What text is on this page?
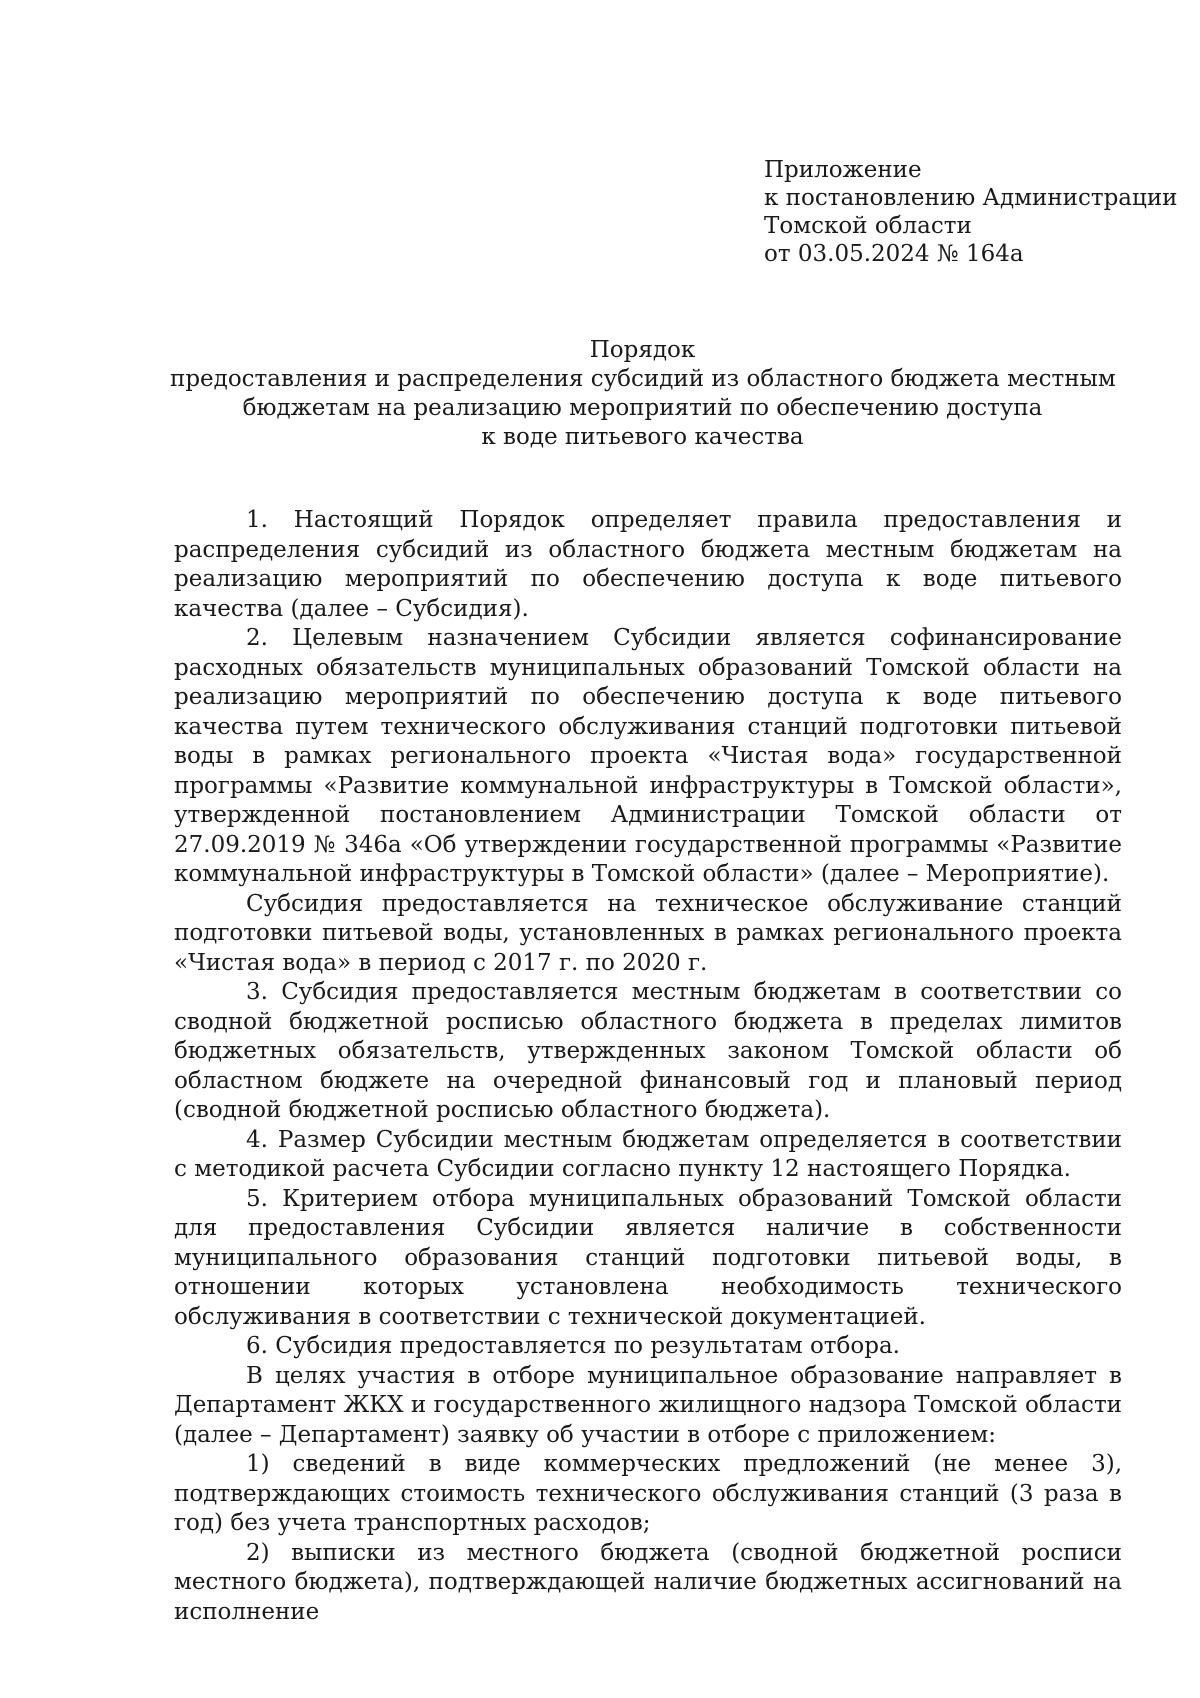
Приложение
к постановлению Администрации
Томской области
от 03.05.2024 № 164а
Порядок
предоставления и распределения субсидий из областного бюджета местным
бюджетам на реализацию мероприятий по обеспечению доступа
к воде питьевого качества

1. Настоящий Порядок определяет правила предоставления и распределения субсидий из областного бюджета местным бюджетам на реализацию мероприятий по обеспечению доступа к воде питьевого качества (далее – Субсидия).

2. Целевым назначением Субсидии является софинансирование расходных обязательств муниципальных образований Томской области на реализацию мероприятий по обеспечению доступа к воде питьевого качества путем технического обслуживания станций подготовки питьевой воды в рамках регионального проекта «Чистая вода» государственной программы «Развитие коммунальной инфраструктуры в Томской области», утвержденной постановлением Администрации Томской области от 27.09.2019 № 346а «Об утверждении государственной программы «Развитие коммунальной инфраструктуры в Томской области» (далее – Мероприятие).

Субсидия предоставляется на техническое обслуживание станций подготовки питьевой воды, установленных в рамках регионального проекта «Чистая вода» в период с 2017 г. по 2020 г.

3. Субсидия предоставляется местным бюджетам в соответствии со сводной бюджетной росписью областного бюджета в пределах лимитов бюджетных обязательств, утвержденных законом Томской области об областном бюджете на очередной финансовый год и плановый период (сводной бюджетной росписью областного бюджета).

4. Размер Субсидии местным бюджетам определяется в соответствии с методикой расчета Субсидии согласно пункту 12 настоящего Порядка.

5. Критерием отбора муниципальных образований Томской области для предоставления Субсидии является наличие в собственности муниципального образования станций подготовки питьевой воды, в отношении которых установлена необходимость технического обслуживания в соответствии с технической документацией.

6. Субсидия предоставляется по результатам отбора.

В целях участия в отборе муниципальное образование направляет в Департамент ЖКХ и государственного жилищного надзора Томской области (далее – Департамент) заявку об участии в отборе с приложением:

1) сведений в виде коммерческих предложений (не менее 3), подтверждающих стоимость технического обслуживания станций (3 раза в год) без учета транспортных расходов;

2) выписки из местного бюджета (сводной бюджетной росписи местного бюджета), подтверждающей наличие бюджетных ассигнований на исполнение
